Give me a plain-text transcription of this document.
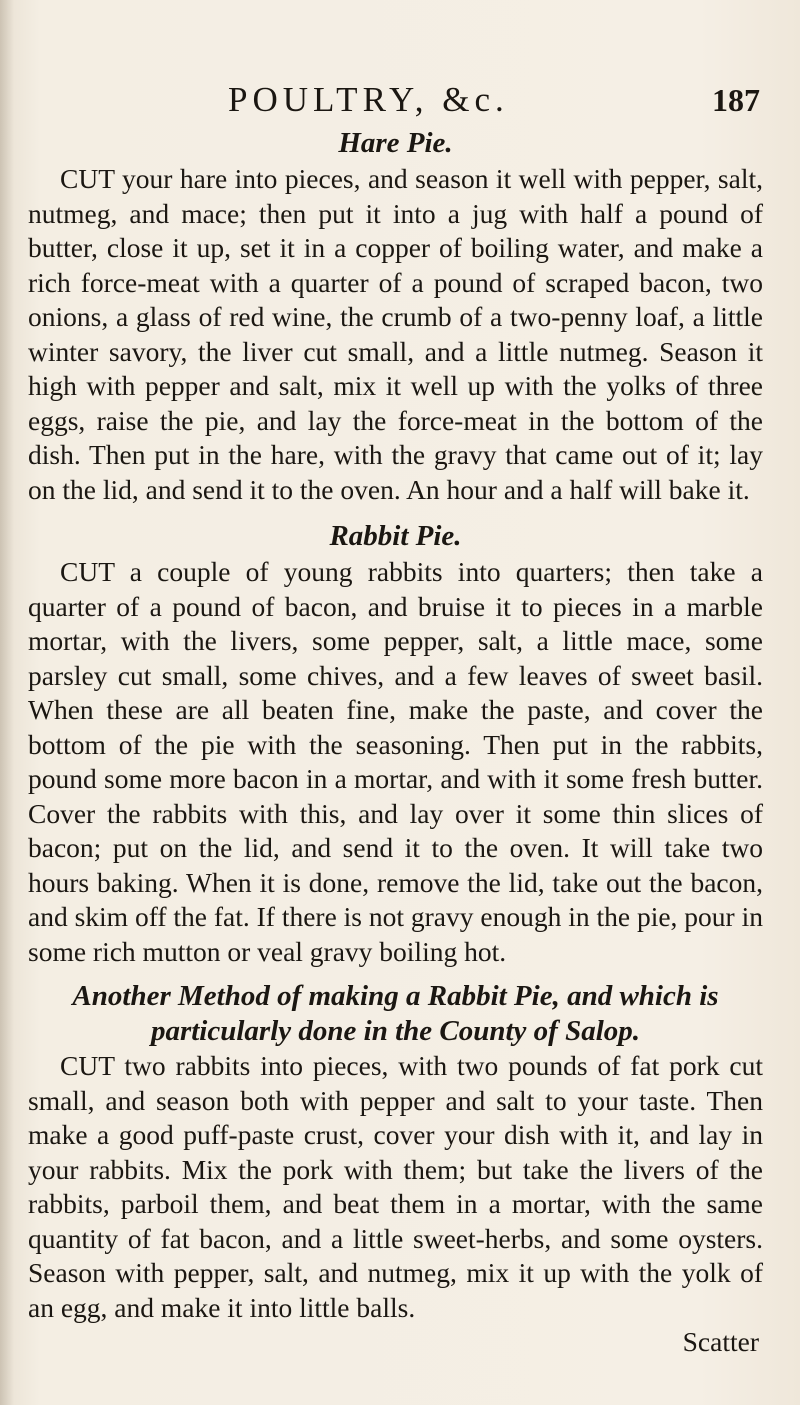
POULTRY, &c.	187
Hare Pie.

CUT your hare into pieces, and season it well with pepper, salt, nutmeg, and mace; then put it into a jug with half a pound of butter, close it up, set it in a copper of boiling water, and make a rich force-meat with a quarter of a pound of scraped bacon, two onions, a glass of red wine, the crumb of a two-penny loaf, a little winter savory, the liver cut small, and a little nutmeg. Season it high with pepper and salt, mix it well up with the yolks of three eggs, raise the pie, and lay the force-meat in the bottom of the dish. Then put in the hare, with the gravy that came out of it; lay on the lid, and send it to the oven. An hour and a half will bake it.

Rabbit Pie.

CUT a couple of young rabbits into quarters; then take a quarter of a pound of bacon, and bruise it to pieces in a marble mortar, with the livers, some pepper, salt, a little mace, some parsley cut small, some chives, and a few leaves of sweet basil. When these are all beaten fine, make the paste, and cover the bottom of the pie with the seasoning. Then put in the rabbits, pound some more bacon in a mortar, and with it some fresh butter. Cover the rabbits with this, and lay over it some thin slices of bacon; put on the lid, and send it to the oven. It will take two hours baking. When it is done, remove the lid, take out the bacon, and skim off the fat. If there is not gravy enough in the pie, pour in some rich mutton or veal gravy boiling hot.

Another Method of making a Rabbit Pie, and which is particularly done in the County of Salop.

CUT two rabbits into pieces, with two pounds of fat pork cut small, and season both with pepper and salt to your taste. Then make a good puff-paste crust, cover your dish with it, and lay in your rabbits. Mix the pork with them; but take the livers of the rabbits, parboil them, and beat them in a mortar, with the same quantity of fat bacon, and a little sweet-herbs, and some oysters. Season with pepper, salt, and nutmeg, mix it up with the yolk of an egg, and make it into little balls.

Scatter
